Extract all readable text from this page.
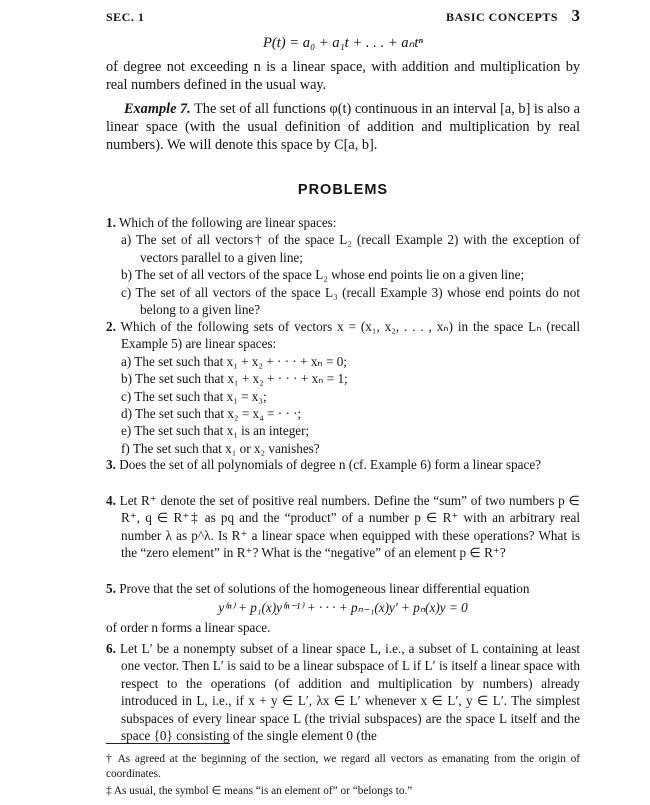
SEC. 1	BASIC CONCEPTS 3
P(t) = a₀ + a₁t + . . . + aₙtⁿ
of degree not exceeding n is a linear space, with addition and multiplication by real numbers defined in the usual way.
Example 7. The set of all functions φ(t) continuous in an interval [a, b] is also a linear space (with the usual definition of addition and multiplication by real numbers). We will denote this space by C[a, b].
PROBLEMS
1. Which of the following are linear spaces:
a) The set of all vectors† of the space L₂ (recall Example 2) with the exception of vectors parallel to a given line;
b) The set of all vectors of the space L₂ whose end points lie on a given line;
c) The set of all vectors of the space L₃ (recall Example 3) whose end points do not belong to a given line?
2. Which of the following sets of vectors x = (x₁, x₂, . . . , xₙ) in the space Lₙ (recall Example 5) are linear spaces:
a) The set such that x₁ + x₂ + · · · + xₙ = 0;
b) The set such that x₁ + x₂ + · · · + xₙ = 1;
c) The set such that x₁ = x₃;
d) The set such that x₂ = x₄ = · · ·;
e) The set such that x₁ is an integer;
f) The set such that x₁ or x₂ vanishes?
3. Does the set of all polynomials of degree n (cf. Example 6) form a linear space?
4. Let R⁺ denote the set of positive real numbers. Define the “sum” of two numbers p ∈ R⁺, q ∈ R⁺‡ as pq and the “product” of a number p ∈ R⁺ with an arbitrary real number λ as p^λ. Is R⁺ a linear space when equipped with these operations? What is the “zero element” in R⁺? What is the “negative” of an element p ∈ R⁺?
5. Prove that the set of solutions of the homogeneous linear differential equation
y⁽ⁿ⁾ + p₁(x)y⁽ⁿ⁻¹⁾ + · · · + pₙ₋₁(x)y′ + pₙ(x)y = 0
of order n forms a linear space.
6. Let L′ be a nonempty subset of a linear space L, i.e., a subset of L containing at least one vector. Then L′ is said to be a linear subspace of L if L′ is itself a linear space with respect to the operations (of addition and multiplication by numbers) already introduced in L, i.e., if x + y ∈ L′, λx ∈ L′ whenever x ∈ L′, y ∈ L′. The simplest subspaces of every linear space L (the trivial subspaces) are the space L itself and the space {0} consisting of the single element 0 (the
† As agreed at the beginning of the section, we regard all vectors as emanating from the origin of coordinates.
‡ As usual, the symbol ∈ means “is an element of” or “belongs to.”
